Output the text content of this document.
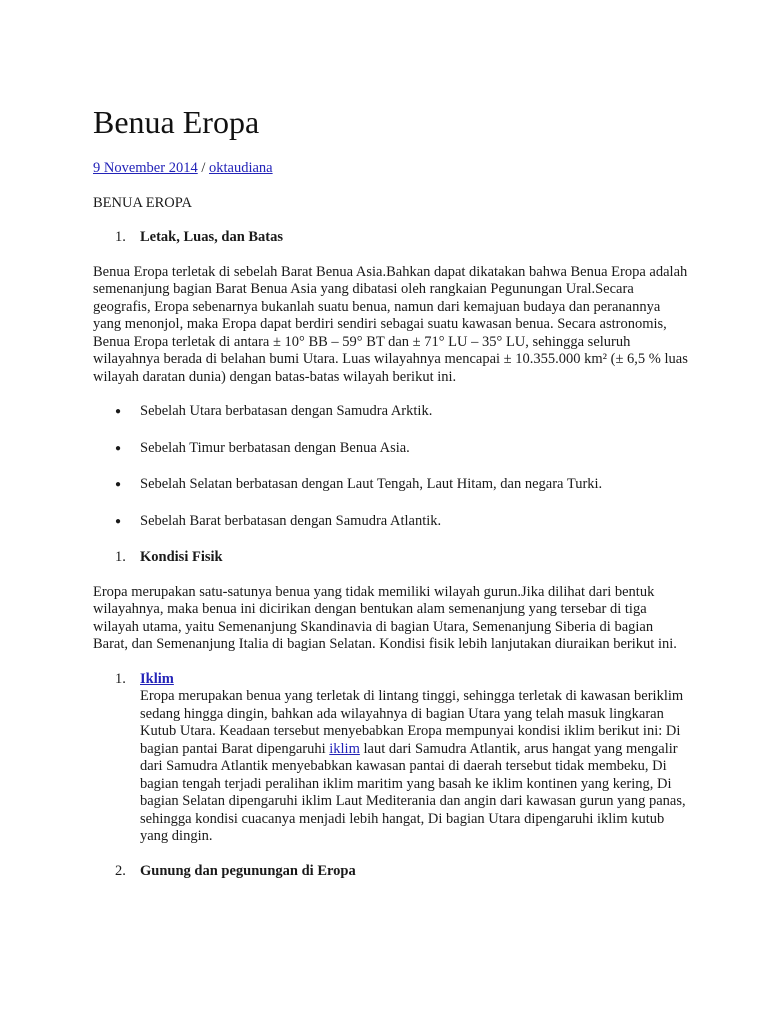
Benua Eropa
9 November 2014 / oktaudiana
BENUA EROPA
1. Letak, Luas, dan Batas

Benua Eropa terletak di sebelah Barat Benua Asia.Bahkan dapat dikatakan bahwa Benua Eropa adalah semenanjung bagian Barat Benua Asia yang dibatasi oleh rangkaian Pegunungan Ural.Secara geografis, Eropa sebenarnya bukanlah suatu benua, namun dari kemajuan budaya dan peranannya yang menonjol, maka Eropa dapat berdiri sendiri sebagai suatu kawasan benua. Secara astronomis, Benua Eropa terletak di antara ± 10° BB – 59° BT dan ± 71° LU – 35° LU, sehingga seluruh wilayahnya berada di belahan bumi Utara. Luas wilayahnya mencapai ± 10.355.000 km² (± 6,5 % luas wilayah daratan dunia) dengan batas-batas wilayah berikut ini.

●
Sebelah Utara berbatasan dengan Samudra Arktik.
●
Sebelah Timur berbatasan dengan Benua Asia.
●
Sebelah Selatan berbatasan dengan Laut Tengah, Laut Hitam, dan negara Turki.
●
Sebelah Barat berbatasan dengan Samudra Atlantik.
1. Kondisi Fisik

Eropa merupakan satu-satunya benua yang tidak memiliki wilayah gurun.Jika dilihat dari bentuk wilayahnya, maka benua ini dicirikan dengan bentukan alam semenanjung yang tersebar di tiga wilayah utama, yaitu Semenanjung Skandinavia di bagian Utara, Semenanjung Siberia di bagian Barat, dan Semenanjung Italia di bagian Selatan. Kondisi fisik lebih lanjutakan diuraikan berikut ini.

1. Iklim
Eropa merupakan benua yang terletak di lintang tinggi, sehingga terletak di kawasan beriklim sedang hingga dingin, bahkan ada wilayahnya di bagian Utara yang telah masuk lingkaran Kutub Utara. Keadaan tersebut menyebabkan Eropa mempunyai kondisi iklim berikut ini: Di bagian pantai Barat dipengaruhi iklim laut dari Samudra Atlantik, arus hangat yang mengalir dari Samudra Atlantik menyebabkan kawasan pantai di daerah tersebut tidak membeku, Di bagian tengah terjadi peralihan iklim maritim yang basah ke iklim kontinen yang kering, Di bagian Selatan dipengaruhi iklim Laut Mediterania dan angin dari kawasan gurun yang panas, sehingga kondisi cuacanya menjadi lebih hangat, Di bagian Utara dipengaruhi iklim kutub yang dingin.
2. Gunung dan pegunungan di Eropa
